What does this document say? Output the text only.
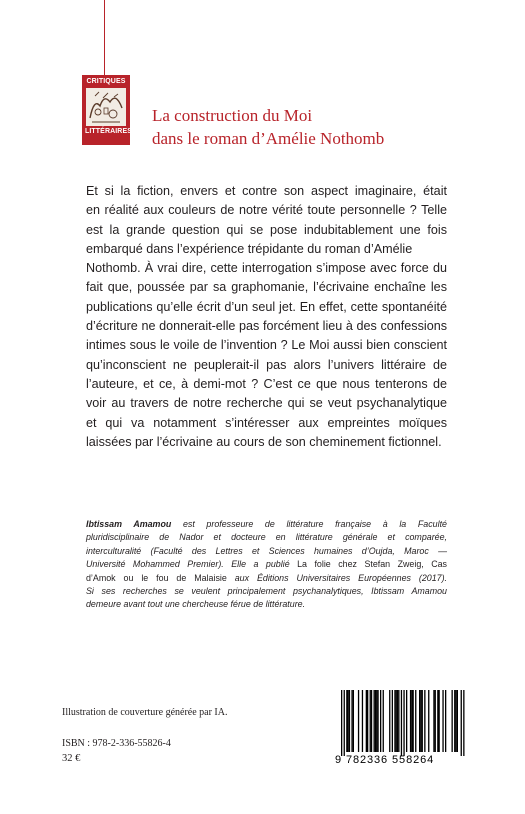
CRITIQUES
LITTÉRAIRES
La construction du Moi
dans le roman d’Amélie Nothomb
Et si la fiction, envers et contre son aspect imaginaire, était
en réalité aux couleurs de notre vérité toute personnelle ? Telle
est la grande question qui se pose indubitablement une fois
embarqué dans l’expérience trépidante du roman d’Amélie
Nothomb. À vrai dire, cette interrogation s’impose avec force du
fait que, poussée par sa graphomanie, l’écrivaine enchaîne les
publications qu’elle écrit d’un seul jet. En effet, cette spontanéité
d’écriture ne donnerait-elle pas forcément lieu à des confessions
intimes sous le voile de l’invention ? Le Moi aussi bien conscient
qu’inconscient ne peuplerait-il pas alors l’univers littéraire de
l’auteure, et ce, à demi-mot ? C’est ce que nous tenterons de
voir au travers de notre recherche qui se veut psychanalytique
et qui va notamment s’intéresser aux empreintes moïques
laissées par l’écrivaine au cours de son cheminement fictionnel.
Ibtissam Amamou est professeure de littérature française à la Faculté
pluridisciplinaire de Nador et docteure en littérature générale et comparée,
interculturalité (Faculté des Lettres et Sciences humaines d’Oujda, Maroc —
Université Mohammed Premier). Elle a publié La folie chez Stefan Zweig, Cas
d’Amok ou le fou de Malaisie aux Éditions Universitaires Européennes (2017).
Si ses recherches se veulent principalement psychanalytiques, Ibtissam Amamou
demeure avant tout une chercheuse férue de littérature.
Illustration de couverture générée par IA.
ISBN : 978-2-336-55826-4
32 €	9 782336 558264
